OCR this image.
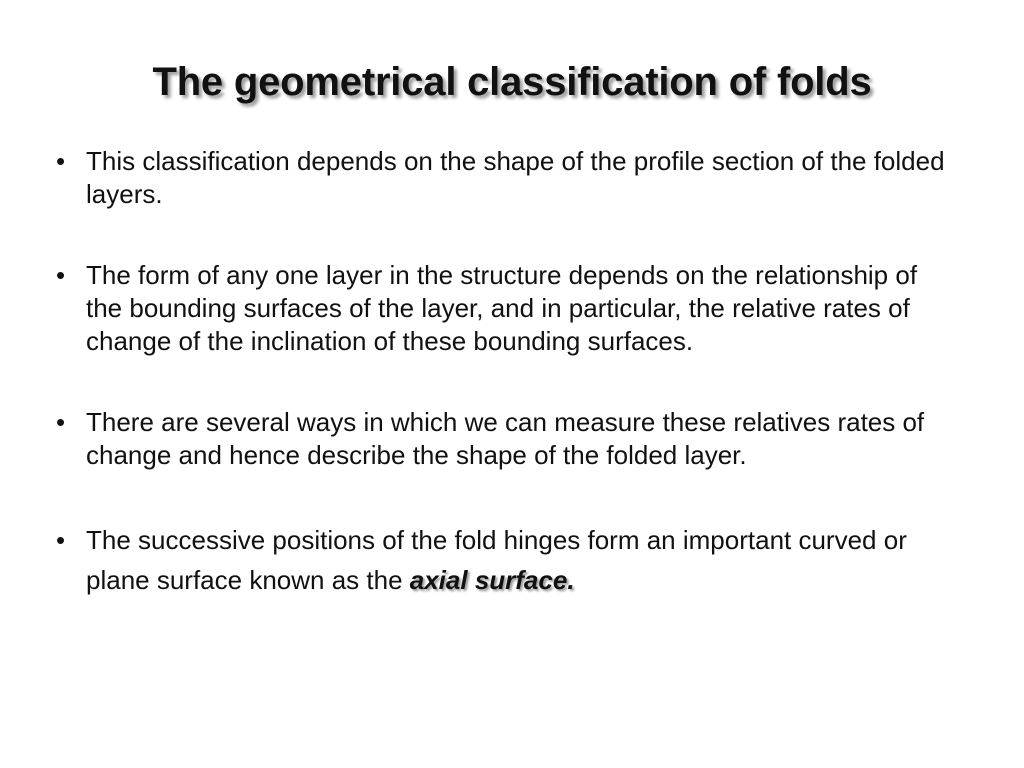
The geometrical classification of folds
• This classification depends on the shape of the profile section of the folded layers.
• The form of any one layer in the structure depends on the relationship of the bounding surfaces of the layer, and in particular, the relative rates of change of the inclination of these bounding surfaces.
• There are several ways in which we can measure these relatives rates of change and hence describe the shape of the folded layer.
• The successive positions of the fold hinges form an important curved or plane surface known as the axial surface.
